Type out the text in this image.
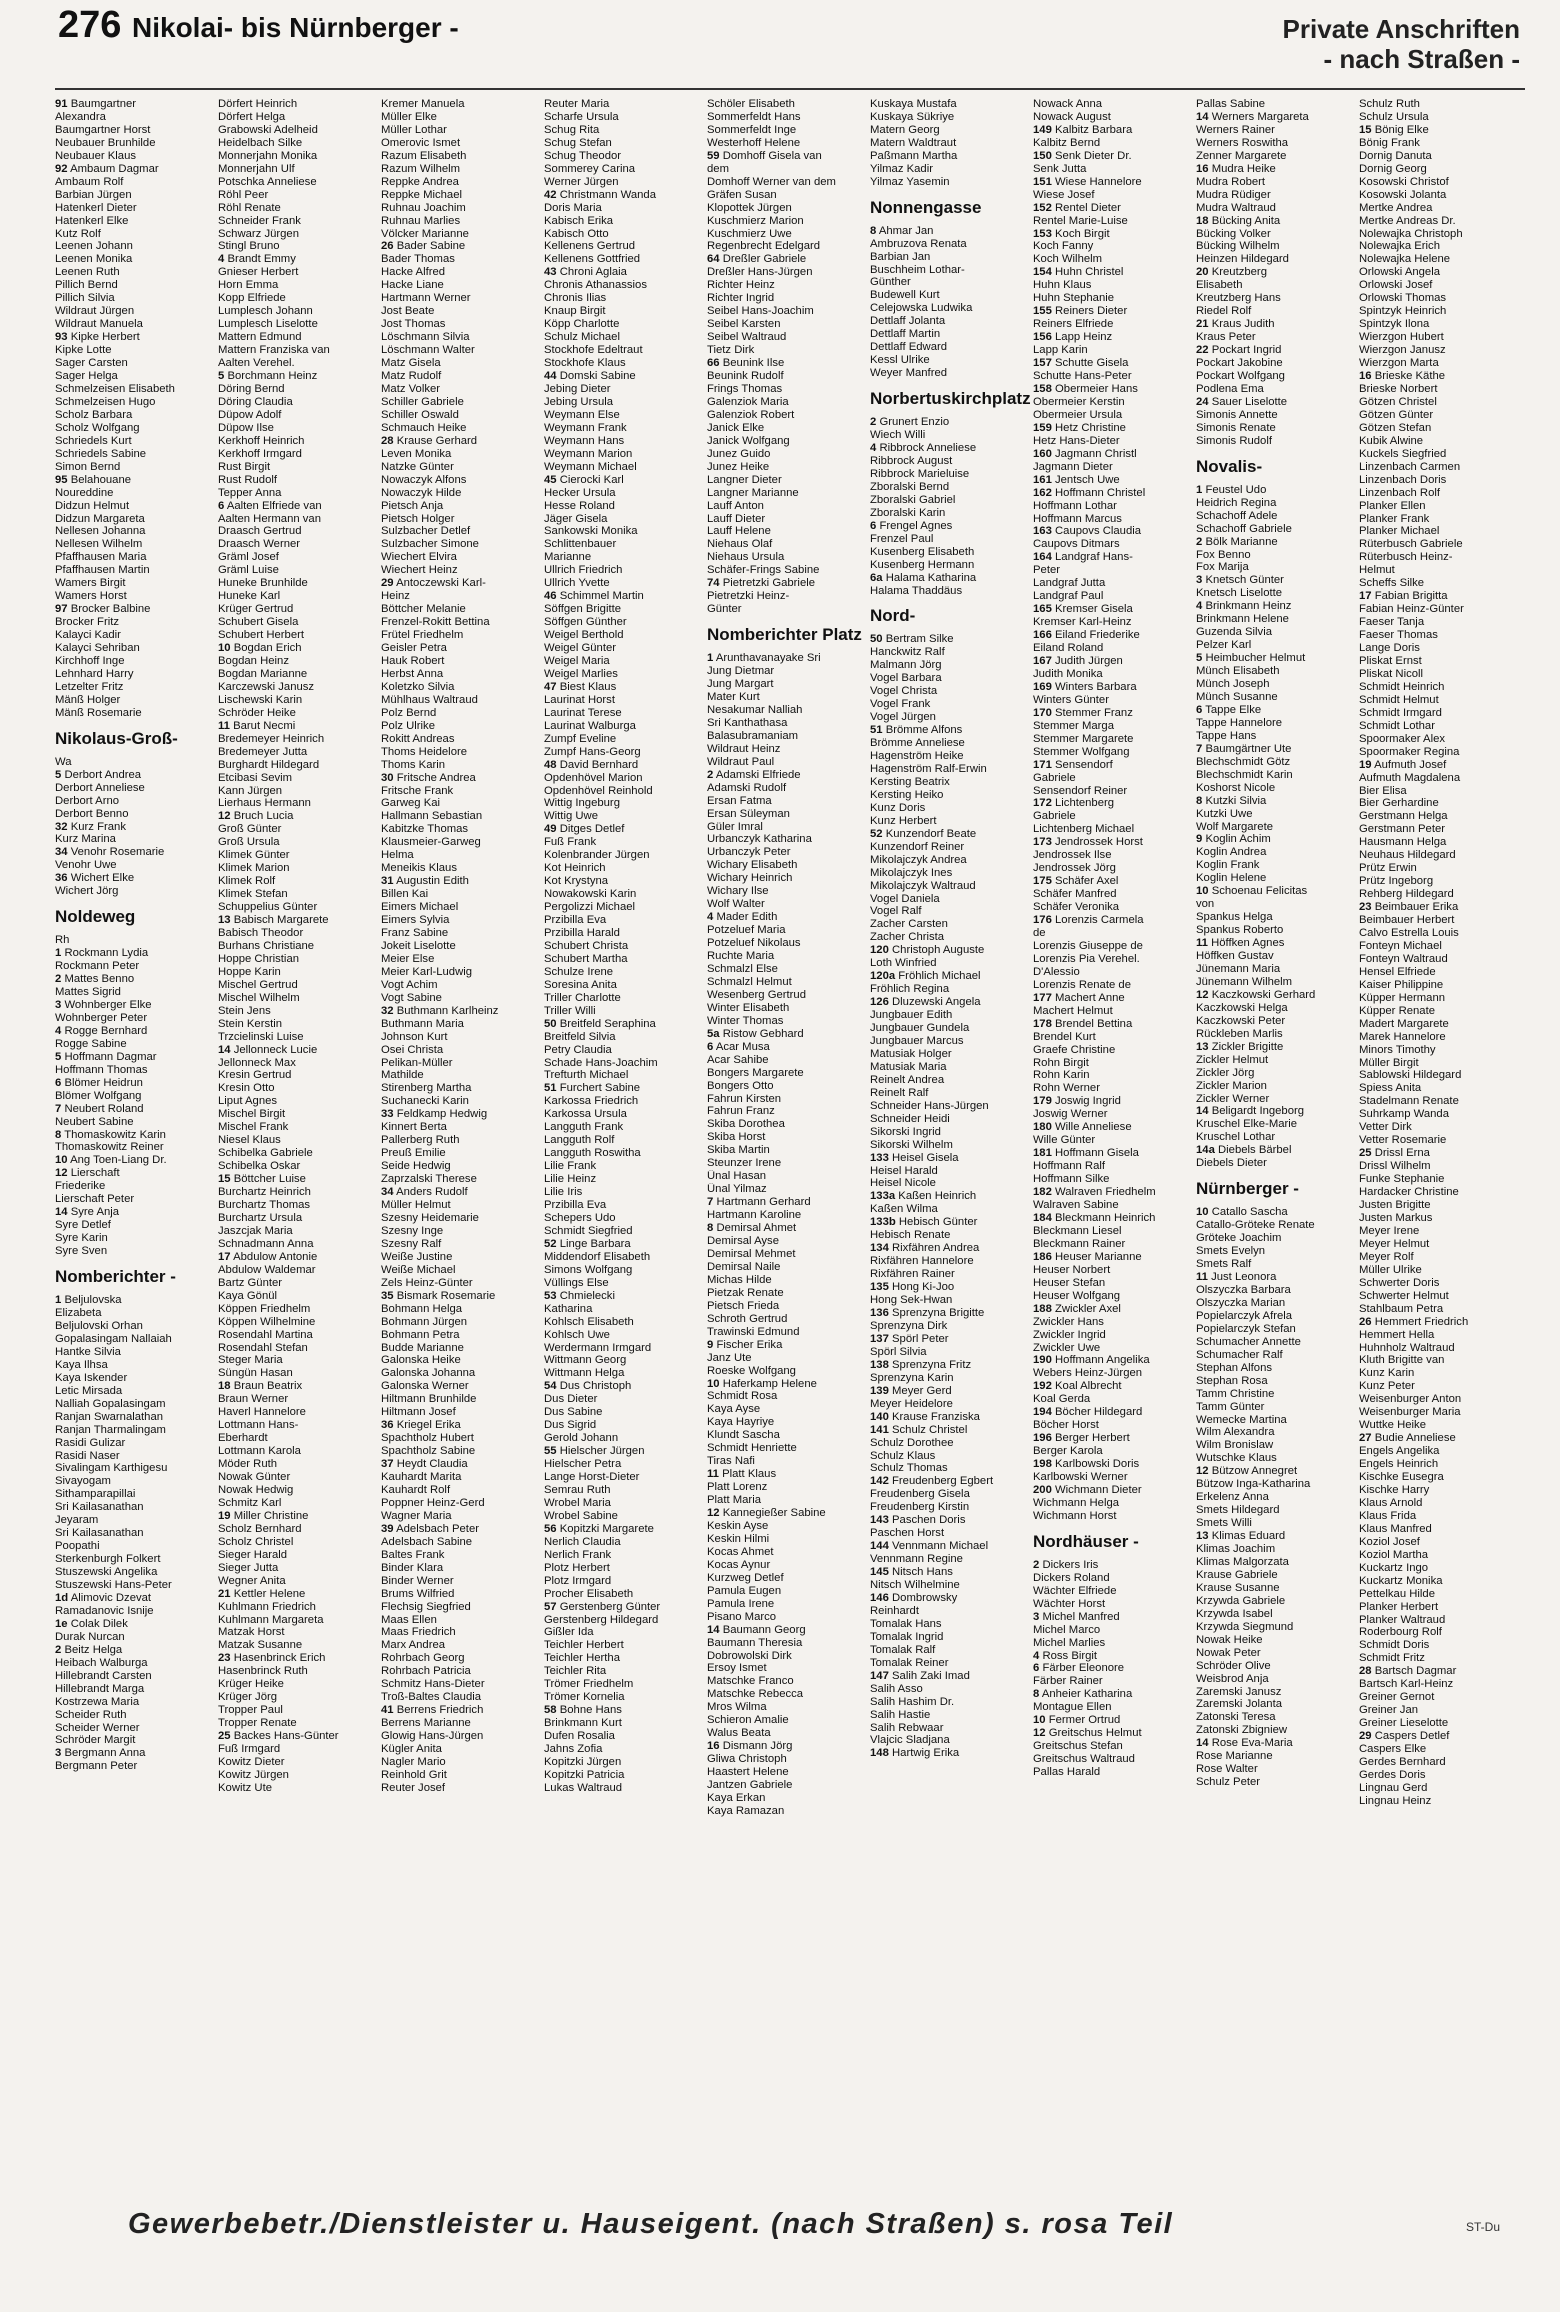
276 Nikolai- bis Nürnberger -	Private Anschriften
- nach Straßen -
91 Baumgartner
Alexandra
Baumgartner Horst
Neubauer Brunhilde
Neubauer Klaus
92 Ambaum Dagmar
Ambaum Rolf
Barbian Jürgen
Hatenkerl Dieter
Hatenkerl Elke
Kutz Rolf
Leenen Johann
Leenen Monika
Leenen Ruth
Pillich Bernd
Pillich Silvia
Wildraut Jürgen
Wildraut Manuela
93 Kipke Herbert
Kipke Lotte
Sager Carsten
Sager Helga
Schmelzeisen Elisabeth
Schmelzeisen Hugo
Scholz Barbara
Scholz Wolfgang
Schriedels Kurt
Schriedels Sabine
Simon Bernd
95 Belahouane
Noureddine
Didzun Helmut
Didzun Margareta
Nellesen Johanna
Nellesen Wilhelm
Pfaffhausen Maria
Pfaffhausen Martin
Wamers Birgit
Wamers Horst
97 Brocker Balbine
Brocker Fritz
Kalayci Kadir
Kalayci Sehriban
Kirchhoff Inge
Lehnhard Harry
Letzelter Fritz
Mänß Holger
Mänß Rosemarie
Nikolaus-Groß-
Wa
5 Derbort Andrea
Derbort Anneliese
Derbort Arno
Derbort Benno
32 Kurz Frank
Kurz Marina
34 Venohr Rosemarie
Venohr Uwe
36 Wichert Elke
Wichert Jörg
Noldeweg
Rh
1 Rockmann Lydia
Rockmann Peter
2 Mattes Benno
Mattes Sigrid
3 Wohnberger Elke
Wohnberger Peter
4 Rogge Bernhard
Rogge Sabine
5 Hoffmann Dagmar
Hoffmann Thomas
6 Blömer Heidrun
Blömer Wolfgang
7 Neubert Roland
Neubert Sabine
8 Thomaskowitz Karin
Thomaskowitz Reiner
10 Ang Toen-Liang Dr.
12 Lierschaft
Friederike
Lierschaft Peter
14 Syre Anja
Syre Detlef
Syre Karin
Syre Sven
Nomberichter -
1 Beljulovska
Elizabeta
Beljulovski Orhan
Gopalasingam Nallaiah
Hantke Silvia
Kaya Ilhsa
Kaya Iskender
Letic Mirsada
Nalliah Gopalasingam
Ranjan Swarnalathan
Ranjan Tharmalingam
Rasidi Gulizar
Rasidi Naser
Sivalingam Karthigesu
Sivayogam
Sithamparapillai
Sri Kailasanathan
Jeyaram
Sri Kailasanathan
Poopathi
Sterkenburgh Folkert
Stuszewski Angelika
Stuszewski Hans-Peter
1d Alimovic Dzevat
Ramadanovic Isnije
1e Colak Dilek
Durak Nurcan
2 Beitz Helga
Heibach Walburga
Hillebrandt Carsten
Hillebrandt Marga
Kostrzewa Maria
Scheider Ruth
Scheider Werner
Schröder Margit
3 Bergmann Anna
Bergmann Peter
Dörfert Heinrich
Dörfert Helga
Grabowski Adelheid
Heidelbach Silke
Monnerjahn Monika
Monnerjahn Ulf
Potschka Anneliese
Röhl Peer
Röhl Renate
Schneider Frank
Schwarz Jürgen
Stingl Bruno
4 Brandt Emmy
Gnieser Herbert
Horn Emma
Kopp Elfriede
Lumplesch Johann
Lumplesch Liselotte
Mattern Edmund
Mattern Franziska van
Aalten Verehel.
5 Borchmann Heinz
Döring Bernd
Döring Claudia
Düpow Adolf
Düpow Ilse
Kerkhoff Heinrich
Kerkhoff Irmgard
Rust Birgit
Rust Rudolf
Tepper Anna
6 Aalten Elfriede van
Aalten Hermann van
Draasch Gertrud
Draasch Werner
Gräml Josef
Gräml Luise
Huneke Brunhilde
Huneke Karl
Krüger Gertrud
Schubert Gisela
Schubert Herbert
10 Bogdan Erich
Bogdan Heinz
Bogdan Marianne
Karczewski Janusz
Lischewski Karin
Schröder Heike
11 Barut Necmi
Bredemeyer Heinrich
Bredemeyer Jutta
Burghardt Hildegard
Etcibasi Sevim
Kann Jürgen
Lierhaus Hermann
12 Bruch Lucia
Groß Günter
Groß Ursula
Klimek Günter
Klimek Marion
Klimek Rolf
Klimek Stefan
Schuppelius Günter
13 Babisch Margarete
Babisch Theodor
Burhans Christiane
Hoppe Christian
Hoppe Karin
Mischel Gertrud
Mischel Wilhelm
Stein Jens
Stein Kerstin
Trzcielinski Luise
14 Jellonneck Lucie
Jellonneck Max
Kresin Gertrud
Kresin Otto
Liput Agnes
Mischel Birgit
Mischel Frank
Niesel Klaus
Schibelka Gabriele
Schibelka Oskar
15 Böttcher Luise
Burchartz Heinrich
Burchartz Thomas
Burchartz Ursula
Jaszcjak Maria
Schnadmann Anna
17 Abdulow Antonie
Abdulow Waldemar
Bartz Günter
Kaya Gönül
Köppen Friedhelm
Köppen Wilhelmine
Rosendahl Martina
Rosendahl Stefan
Steger Maria
Süngün Hasan
18 Braun Beatrix
Braun Werner
Haverl Hannelore
Lottmann Hans-
Eberhardt
Lottmann Karola
Möder Ruth
Nowak Günter
Nowak Hedwig
Schmitz Karl
19 Miller Christine
Scholz Bernhard
Scholz Christel
Sieger Harald
Sieger Jutta
Wegner Anita
21 Kettler Helene
Kuhlmann Friedrich
Kuhlmann Margareta
Matzak Horst
Matzak Susanne
23 Hasenbrinck Erich
Hasenbrinck Ruth
Krüger Heike
Krüger Jörg
Tropper Paul
Tropper Renate
25 Backes Hans-Günter
Fuß Irmgard
Kowitz Dieter
Kowitz Jürgen
Kowitz Ute
Kremer Manuela
Müller Elke
Müller Lothar
Omerovic Ismet
Razum Elisabeth
Razum Wilhelm
Reppke Andrea
Reppke Michael
Ruhnau Joachim
Ruhnau Marlies
Völcker Marianne
26 Bader Sabine
Bader Thomas
Hacke Alfred
Hacke Liane
Hartmann Werner
Jost Beate
Jost Thomas
Löschmann Silvia
Löschmann Walter
Matz Gisela
Matz Rudolf
Matz Volker
Schiller Gabriele
Schiller Oswald
Schmauch Heike
28 Krause Gerhard
Leven Monika
Natzke Günter
Nowaczyk Alfons
Nowaczyk Hilde
Pietsch Anja
Pietsch Holger
Sulzbacher Detlef
Sulzbacher Simone
Wiechert Elvira
Wiechert Heinz
29 Antoczewski Karl-
Heinz
Böttcher Melanie
Frenzel-Rokitt Bettina
Frütel Friedhelm
Geisler Petra
Hauk Robert
Herbst Anna
Koletzko Silvia
Mühlhaus Waltraud
Polz Bernd
Polz Ulrike
Rokitt Andreas
Thoms Heidelore
Thoms Karin
30 Fritsche Andrea
Fritsche Frank
Garweg Kai
Hallmann Sebastian
Kabitzke Thomas
Klausmeier-Garweg
Helma
Meneikis Klaus
31 Augustin Edith
Billen Kai
Eimers Michael
Eimers Sylvia
Franz Sabine
Jokeit Liselotte
Meier Else
Meier Karl-Ludwig
Vogt Achim
Vogt Sabine
32 Buthmann Karlheinz
Buthmann Maria
Johnson Kurt
Osei Christa
Pelikan-Müller
Mathilde
Stirenberg Martha
Suchanecki Karin
33 Feldkamp Hedwig
Kinnert Berta
Pallerberg Ruth
Preuß Emilie
Seide Hedwig
Zaprzalski Therese
34 Anders Rudolf
Müller Helmut
Szesny Heidemarie
Szesny Inge
Szesny Ralf
Weiße Justine
Weiße Michael
Zels Heinz-Günter
35 Bismark Rosemarie
Bohmann Helga
Bohmann Jürgen
Bohmann Petra
Budde Marianne
Galonska Heike
Galonska Johanna
Galonska Werner
Hiltmann Brunhilde
Hiltmann Josef
36 Kriegel Erika
Spachtholz Hubert
Spachtholz Sabine
37 Heydt Claudia
Kauhardt Marita
Kauhardt Rolf
Poppner Heinz-Gerd
Wagner Maria
39 Adelsbach Peter
Adelsbach Sabine
Baltes Frank
Binder Klara
Binder Werner
Brums Wilfried
Flechsig Siegfried
Maas Ellen
Maas Friedrich
Marx Andrea
Rohrbach Georg
Rohrbach Patricia
Schmitz Hans-Dieter
Troß-Baltes Claudia
41 Berrens Friedrich
Berrens Marianne
Glowig Hans-Jürgen
Kügler Anita
Nagler Mario
Reinhold Grit
Reuter Josef
Reuter Maria
Scharfe Ursula
Schug Rita
Schug Stefan
Schug Theodor
Sommerey Carina
Werner Jürgen
42 Christmann Wanda
Doris Maria
Kabisch Erika
Kabisch Otto
Kellenens Gertrud
Kellenens Gottfried
43 Chroni Aglaia
Chronis Athanassios
Chronis Ilias
Knaup Birgit
Köpp Charlotte
Schulz Michael
Stockhofe Edeltraut
Stockhofe Klaus
44 Domski Sabine
Jebing Dieter
Jebing Ursula
Weymann Else
Weymann Frank
Weymann Hans
Weymann Marion
Weymann Michael
45 Cierocki Karl
Hecker Ursula
Hesse Roland
Jäger Gisela
Sankowski Monika
Schlittenbauer
Marianne
Ullrich Friedrich
Ullrich Yvette
46 Schimmel Martin
Söffgen Brigitte
Söffgen Günther
Weigel Berthold
Weigel Günter
Weigel Maria
Weigel Marlies
47 Biest Klaus
Laurinat Horst
Laurinat Terese
Laurinat Walburga
Zumpf Eveline
Zumpf Hans-Georg
48 David Bernhard
Opdenhövel Marion
Opdenhövel Reinhold
Wittig Ingeburg
Wittig Uwe
49 Ditges Detlef
Fuß Frank
Kolenbrander Jürgen
Kot Heinrich
Kot Krystyna
Nowakowski Karin
Pergolizzi Michael
Przibilla Eva
Przibilla Harald
Schubert Christa
Schubert Martha
Schulze Irene
Soresina Anita
Triller Charlotte
Triller Willi
50 Breitfeld Seraphina
Breitfeld Silvia
Petry Claudia
Schade Hans-Joachim
Trefturth Michael
51 Furchert Sabine
Karkossa Friedrich
Karkossa Ursula
Langguth Frank
Langguth Rolf
Langguth Roswitha
Lilie Frank
Lilie Heinz
Lilie Iris
Przibilla Eva
Schepers Udo
Schmidt Siegfried
52 Linge Barbara
Middendorf Elisabeth
Simons Wolfgang
Vüllings Else
53 Chmielecki
Katharina
Kohlsch Elisabeth
Kohlsch Uwe
Werdermann Irmgard
Wittmann Georg
Wittmann Helga
54 Dus Christoph
Dus Dieter
Dus Sabine
Dus Sigrid
Gerold Johann
55 Hielscher Jürgen
Hielscher Petra
Lange Horst-Dieter
Semrau Ruth
Wrobel Maria
Wrobel Sabine
56 Kopitzki Margarete
Nerlich Claudia
Nerlich Frank
Plotz Herbert
Plotz Irmgard
Procher Elisabeth
57 Gerstenberg Günter
Gerstenberg Hildegard
Gißler Ida
Teichler Herbert
Teichler Hertha
Teichler Rita
Trömer Friedhelm
Trömer Kornelia
58 Bohne Hans
Brinkmann Kurt
Dufen Rosalia
Jahns Zofia
Kopitzki Jürgen
Kopitzki Patricia
Lukas Waltraud
Schöler Elisabeth
Sommerfeldt Hans
Sommerfeldt Inge
Westerhoff Helene
59 Domhoff Gisela van
dem
Domhoff Werner van dem
Gräfen Susan
Klopottek Jürgen
Kuschmierz Marion
Kuschmierz Uwe
Regenbrecht Edelgard
64 Dreßler Gabriele
Dreßler Hans-Jürgen
Richter Heinz
Richter Ingrid
Seibel Hans-Joachim
Seibel Karsten
Seibel Waltraud
Tietz Dirk
66 Beunink Ilse
Beunink Rudolf
Frings Thomas
Galenziok Maria
Galenziok Robert
Janick Elke
Janick Wolfgang
Junez Guido
Junez Heike
Langner Dieter
Langner Marianne
Lauff Anton
Lauff Dieter
Lauff Helene
Niehaus Olaf
Niehaus Ursula
Schäfer-Frings Sabine
74 Pietretzki Gabriele
Pietretzki Heinz-
Günter
Nomberichter Platz
1 Arunthavanayake Sri
Jung Dietmar
Jung Margart
Mater Kurt
Nesakumar Nalliah
Sri Kanthathasa
Balasubramaniam
Wildraut Heinz
Wildraut Paul
2 Adamski Elfriede
Adamski Rudolf
Ersan Fatma
Ersan Süleyman
Güler Imral
Urbanczyk Katharina
Urbanczyk Peter
Wichary Elisabeth
Wichary Heinrich
Wichary Ilse
Wolf Walter
4 Mader Edith
Potzeluef Maria
Potzeluef Nikolaus
Ruchte Maria
Schmalzl Else
Schmalzl Helmut
Wesenberg Gertrud
Winter Elisabeth
Winter Thomas
5a Ristow Gebhard
6 Acar Musa
Acar Sahibe
Bongers Margarete
Bongers Otto
Fahrun Kirsten
Fahrun Franz
Skiba Dorothea
Skiba Horst
Skiba Martin
Steunzer Irene
Ünal Hasan
Ünal Yilmaz
7 Hartmann Gerhard
Hartmann Karoline
8 Demirsal Ahmet
Demirsal Ayse
Demirsal Mehmet
Demirsal Naile
Michas Hilde
Pietzak Renate
Pietsch Frieda
Schroth Gertrud
Trawinski Edmund
9 Fischer Erika
Janz Ute
Roeske Wolfgang
10 Haferkamp Helene
Schmidt Rosa
Kaya Ayse
Kaya Hayriye
Klundt Sascha
Schmidt Henriette
Tiras Nafi
11 Platt Klaus
Platt Lorenz
Platt Maria
12 Kannegießer Sabine
Keskin Ayse
Keskin Hilmi
Kocas Ahmet
Kocas Aynur
Kurzweg Detlef
Pamula Eugen
Pamula Irene
Pisano Marco
14 Baumann Georg
Baumann Theresia
Dobrowolski Dirk
Ersoy Ismet
Matschke Franco
Matschke Rebecca
Mros Wilma
Schieron Amalie
Walus Beata
16 Dismann Jörg
Gliwa Christoph
Haastert Helene
Jantzen Gabriele
Kaya Erkan
Kaya Ramazan
Kuskaya Mustafa
Kuskaya Sükriye
Matern Georg
Matern Waldtraut
Paßmann Martha
Yilmaz Kadir
Yilmaz Yasemin
Nonnengasse
8 Ahmar Jan
Ambruzova Renata
Barbian Jan
Buschheim Lothar-
Günther
Budewell Kurt
Celejowska Ludwika
Dettlaff Jolanta
Dettlaff Martin
Dettlaff Edward
Kessl Ulrike
Weyer Manfred
Norbertuskirchplatz
2 Grunert Enzio
Wiech Willi
4 Ribbrock Anneliese
Ribbrock August
Ribbrock Marieluise
Zboralski Bernd
Zboralski Gabriel
Zboralski Karin
6 Frengel Agnes
Frenzel Paul
Kusenberg Elisabeth
Kusenberg Hermann
6a Halama Katharina
Halama Thaddäus
Nord-
50 Bertram Silke
Hanckwitz Ralf
Malmann Jörg
Vogel Barbara
Vogel Christa
Vogel Frank
Vogel Jürgen
51 Brömme Alfons
Brömme Anneliese
Hagenström Heike
Hagenström Ralf-Erwin
Kersting Beatrix
Kersting Heiko
Kunz Doris
Kunz Herbert
52 Kunzendorf Beate
Kunzendorf Reiner
Mikolajczyk Andrea
Mikolajczyk Ines
Mikolajczyk Waltraud
Vogel Daniela
Vogel Ralf
Zacher Carsten
Zacher Christa
120 Christoph Auguste
Loth Winfried
120a Fröhlich Michael
Fröhlich Regina
126 Dluzewski Angela
Jungbauer Edith
Jungbauer Gundela
Jungbauer Marcus
Matusiak Holger
Matusiak Maria
Reinelt Andrea
Reinelt Ralf
Schneider Hans-Jürgen
Schneider Heidi
Sikorski Ingrid
Sikorski Wilhelm
133 Heisel Gisela
Heisel Harald
Heisel Nicole
133a Kaßen Heinrich
Kaßen Wilma
133b Hebisch Günter
Hebisch Renate
134 Rixfähren Andrea
Rixfähren Hannelore
Rixfähren Rainer
135 Hong Ki-Joo
Hong Sek-Hwan
136 Sprenzyna Brigitte
Sprenzyna Dirk
137 Spörl Peter
Spörl Silvia
138 Sprenzyna Fritz
Sprenzyna Karin
139 Meyer Gerd
Meyer Heidelore
140 Krause Franziska
141 Schulz Christel
Schulz Dorothee
Schulz Klaus
Schulz Thomas
142 Freudenberg Egbert
Freudenberg Gisela
Freudenberg Kirstin
143 Paschen Doris
Paschen Horst
144 Vennmann Michael
Vennmann Regine
145 Nitsch Hans
Nitsch Wilhelmine
146 Dombrowsky
Reinhardt
Tomalak Hans
Tomalak Ingrid
Tomalak Ralf
Tomalak Reiner
147 Salih Zaki Imad
Salih Asso
Salih Hashim Dr.
Salih Hastie
Salih Rebwaar
Vlajcic Sladjana
148 Hartwig Erika
Nowack Anna
Nowack August
149 Kalbitz Barbara
Kalbitz Bernd
150 Senk Dieter Dr.
Senk Jutta
151 Wiese Hannelore
Wiese Josef
152 Rentel Dieter
Rentel Marie-Luise
153 Koch Birgit
Koch Fanny
Koch Wilhelm
154 Huhn Christel
Huhn Klaus
Huhn Stephanie
155 Reiners Dieter
Reiners Elfriede
156 Lapp Heinz
Lapp Karin
157 Schutte Gisela
Schutte Hans-Peter
158 Obermeier Hans
Obermeier Kerstin
Obermeier Ursula
159 Hetz Christine
Hetz Hans-Dieter
160 Jagmann Christl
Jagmann Dieter
161 Jentsch Uwe
162 Hoffmann Christel
Hoffmann Lothar
Hoffmann Marcus
163 Caupovs Claudia
Caupovs Ditmars
164 Landgraf Hans-
Peter
Landgraf Jutta
Landgraf Paul
165 Kremser Gisela
Kremser Karl-Heinz
166 Eiland Friederike
Eiland Roland
167 Judith Jürgen
Judith Monika
169 Winters Barbara
Winters Günter
170 Stemmer Franz
Stemmer Marga
Stemmer Margarete
Stemmer Wolfgang
171 Sensendorf
Gabriele
Sensendorf Reiner
172 Lichtenberg
Gabriele
Lichtenberg Michael
173 Jendrossek Horst
Jendrossek Ilse
Jendrossek Jörg
175 Schäfer Axel
Schäfer Manfred
Schäfer Veronika
176 Lorenzis Carmela
de
Lorenzis Giuseppe de
Lorenzis Pia Verehel.
D'Alessio
Lorenzis Renate de
177 Machert Anne
Machert Helmut
178 Brendel Bettina
Brendel Kurt
Graefe Christine
Rohn Birgit
Rohn Karin
Rohn Werner
179 Joswig Ingrid
Joswig Werner
180 Wille Anneliese
Wille Günter
181 Hoffmann Gisela
Hoffmann Ralf
Hoffmann Silke
182 Walraven Friedhelm
Walraven Sabine
184 Bleckmann Heinrich
Bleckmann Liesel
Bleckmann Rainer
186 Heuser Marianne
Heuser Norbert
Heuser Stefan
Heuser Wolfgang
188 Zwickler Axel
Zwickler Hans
Zwickler Ingrid
Zwickler Uwe
190 Hoffmann Angelika
Webers Heinz-Jürgen
192 Koal Albrecht
Koal Gerda
194 Böcher Hildegard
Böcher Horst
196 Berger Herbert
Berger Karola
198 Karlbowski Doris
Karlbowski Werner
200 Wichmann Dieter
Wichmann Helga
Wichmann Horst
Nordhäuser -
2 Dickers Iris
Dickers Roland
Wächter Elfriede
Wächter Horst
3 Michel Manfred
Michel Marco
Michel Marlies
4 Ross Birgit
6 Färber Eleonore
Färber Rainer
8 Anheier Katharina
Montague Ellen
10 Fermer Ortrud
12 Greitschus Helmut
Greitschus Stefan
Greitschus Waltraud
Pallas Harald
Pallas Sabine
14 Werners Margareta
Werners Rainer
Werners Roswitha
Zenner Margarete
16 Mudra Heike
Mudra Robert
Mudra Rüdiger
Mudra Waltraud
18 Bücking Anita
Bücking Volker
Bücking Wilhelm
Heinzen Hildegard
20 Kreutzberg
Elisabeth
Kreutzberg Hans
Riedel Rolf
21 Kraus Judith
Kraus Peter
22 Pockart Ingrid
Pockart Jakobine
Pockart Wolfgang
Podlena Ema
24 Sauer Liselotte
Simonis Annette
Simonis Renate
Simonis Rudolf
Novalis-
1 Feustel Udo
Heidrich Regina
Schachoff Adele
Schachoff Gabriele
2 Bölk Marianne
Fox Benno
Fox Marija
3 Knetsch Günter
Knetsch Liselotte
4 Brinkmann Heinz
Brinkmann Helene
Guzenda Silvia
Pelzer Karl
5 Heimbucher Helmut
Münch Elisabeth
Münch Joseph
Münch Susanne
6 Tappe Elke
Tappe Hannelore
Tappe Hans
7 Baumgärtner Ute
Blechschmidt Götz
Blechschmidt Karin
Koshorst Nicole
8 Kutzki Silvia
Kutzki Uwe
Wolf Margarete
9 Koglin Achim
Koglin Andrea
Koglin Frank
Koglin Helene
10 Schoenau Felicitas
von
Spankus Helga
Spankus Roberto
11 Höffken Agnes
Höffken Gustav
Jünemann Maria
Jünemann Wilhelm
12 Kaczkowski Gerhard
Kaczkowski Helga
Kaczkowski Peter
Rückleben Marlis
13 Zickler Brigitte
Zickler Helmut
Zickler Jörg
Zickler Marion
Zickler Werner
14 Beligardt Ingeborg
Kruschel Elke-Marie
Kruschel Lothar
14a Diebels Bärbel
Diebels Dieter
Nürnberger -
10 Catallo Sascha
Catallo-Gröteke Renate
Gröteke Joachim
Smets Evelyn
Smets Ralf
11 Just Leonora
Olszyczka Barbara
Olszyczka Marian
Popielarczyk Afrela
Popielarczyk Stefan
Schumacher Annette
Schumacher Ralf
Stephan Alfons
Stephan Rosa
Tamm Christine
Tamm Günter
Wemecke Martina
Wilm Alexandra
Wilm Bronislaw
Wutschke Klaus
12 Bützow Annegret
Bützow Inga-Katharina
Erkelenz Anna
Smets Hildegard
Smets Willi
13 Klimas Eduard
Klimas Joachim
Klimas Malgorzata
Krause Gabriele
Krause Susanne
Krzywda Gabriele
Krzywda Isabel
Krzywda Siegmund
Nowak Heike
Nowak Peter
Schröder Olive
Weisbrod Anja
Zaremski Janusz
Zaremski Jolanta
Zatonski Teresa
Zatonski Zbigniew
14 Rose Eva-Maria
Rose Marianne
Rose Walter
Schulz Peter
Schulz Ruth
Schulz Ursula
15 Bönig Elke
Bönig Frank
Dornig Danuta
Dornig Georg
Kosowski Christof
Kosowski Jolanta
Mertke Andrea
Mertke Andreas Dr.
Nolewajka Christoph
Nolewajka Erich
Nolewajka Helene
Orlowski Angela
Orlowski Josef
Orlowski Thomas
Spintzyk Heinrich
Spintzyk Ilona
Wierzgon Hubert
Wierzgon Janusz
Wierzgon Marta
16 Brieske Käthe
Brieske Norbert
Götzen Christel
Götzen Günter
Götzen Stefan
Kubik Alwine
Kuckels Siegfried
Linzenbach Carmen
Linzenbach Doris
Linzenbach Rolf
Planker Ellen
Planker Frank
Planker Michael
Rüterbusch Gabriele
Rüterbusch Heinz-
Helmut
Scheffs Silke
17 Fabian Brigitta
Fabian Heinz-Günter
Faeser Tanja
Faeser Thomas
Lange Doris
Pliskat Ernst
Pliskat Nicoll
Schmidt Heinrich
Schmidt Helmut
Schmidt Irmgard
Schmidt Lothar
Spoormaker Alex
Spoormaker Regina
19 Aufmuth Josef
Aufmuth Magdalena
Bier Elisa
Bier Gerhardine
Gerstmann Helga
Gerstmann Peter
Hausmann Helga
Neuhaus Hildegard
Prütz Erwin
Prütz Ingeborg
Rehberg Hildegard
23 Beimbauer Erika
Beimbauer Herbert
Calvo Estrella Louis
Fonteyn Michael
Fonteyn Waltraud
Hensel Elfriede
Kaiser Philippine
Küpper Hermann
Küpper Renate
Madert Margarete
Marek Hannelore
Minors Timothy
Müller Birgit
Sablowski Hildegard
Spiess Anita
Stadelmann Renate
Suhrkamp Wanda
Vetter Dirk
Vetter Rosemarie
25 Drissl Erna
Drissl Wilhelm
Funke Stephanie
Hardacker Christine
Justen Brigitte
Justen Markus
Meyer Irene
Meyer Helmut
Meyer Rolf
Müller Ulrike
Schwerter Doris
Schwerter Helmut
Stahlbaum Petra
26 Hemmert Friedrich
Hemmert Hella
Huhnholz Waltraud
Kluth Brigitte van
Kunz Karin
Kunz Peter
Weisenburger Anton
Weisenburger Maria
Wuttke Heike
27 Budie Anneliese
Engels Angelika
Engels Heinrich
Kischke Eusegra
Kischke Harry
Klaus Arnold
Klaus Frida
Klaus Manfred
Koziol Josef
Koziol Martha
Kuckartz Ingo
Kuckartz Monika
Pettelkau Hilde
Planker Herbert
Planker Waltraud
Roderbourg Rolf
Schmidt Doris
Schmidt Fritz
28 Bartsch Dagmar
Bartsch Karl-Heinz
Greiner Gernot
Greiner Jan
Greiner Lieselotte
29 Caspers Detlef
Caspers Elke
Gerdes Bernhard
Gerdes Doris
Lingnau Gerd
Lingnau Heinz
Gewerbebetr./Dienstleister u. Hauseigent. (nach Straßen) s. rosa Teil	ST-Du
